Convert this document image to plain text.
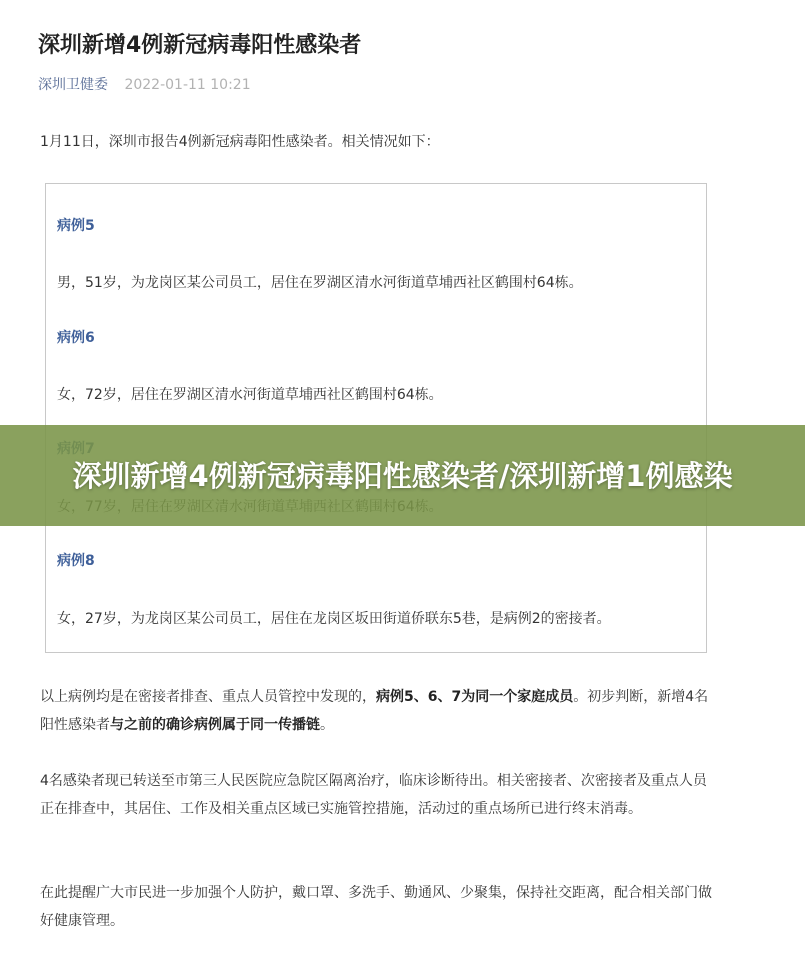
深圳新增4例新冠病毒阳性感染者
深圳卫健委 2022-01-11 10:21
1月11日，深圳市报告4例新冠病毒阳性感染者。相关情况如下：
病例5
男，51岁，为龙岗区某公司员工，居住在罗湖区清水河街道草埔西社区鹤围村64栋。
病例6
女，72岁，居住在罗湖区清水河街道草埔西社区鹤围村64栋。
病例8
女，27岁，为龙岗区某公司员工，居住在龙岗区坂田街道侨联东5巷，是病例2的密接者。
以上病例均是在密接者排查、重点人员管控中发现的，病例5、6、7为同一个家庭成员。初步判断，新增4名阳性感染者与之前的确诊病例属于同一传播链。
4名感染者现已转送至市第三人民医院应急院区隔离治疗，临床诊断待出。相关密接者、次密接者及重点人员正在排查中，其居住、工作及相关重点区域已实施管控措施，活动过的重点场所已进行终末消毒。
在此提醒广大市民进一步加强个人防护，戴口罩、多洗手、勤通风、少聚集，保持社交距离，配合相关部门做好健康管理。
深圳新增4例新冠病毒阳性感染者/深圳新增1例感染
